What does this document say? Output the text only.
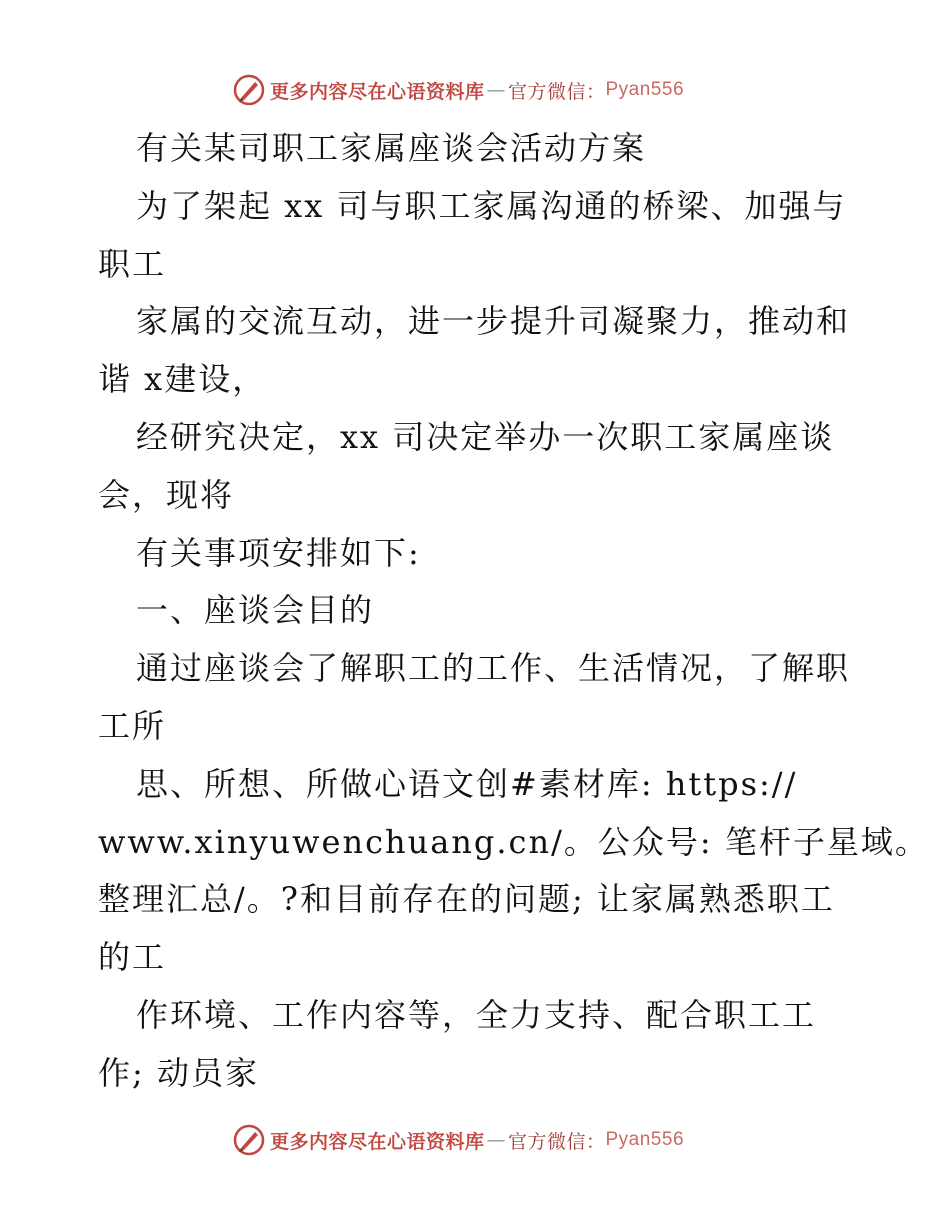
更多内容尽在心语资料库 — 官方微信： Pyan556
有关某司职工家属座谈会活动方案
为了架起 xx 司与职工家属沟通的桥梁、加强与
职工
家属的交流互动，进一步提升司凝聚力，推动和
谐 x建设，
经研究决定，xx 司决定举办一次职工家属座谈
会，现将
有关事项安排如下:
一、座谈会目的
通过座谈会了解职工的工作、生活情况，了解职
工所
思、所想、所做心语文创#素材库: https://
www.xinyuwenchuang.cn/。公众号: 笔杆子星域。
整理汇总/。?和目前存在的问题; 让家属熟悉职工
的工
作环境、工作内容等，全力支持、配合职工工
作; 动员家
更多内容尽在心语资料库 — 官方微信： Pyan556
